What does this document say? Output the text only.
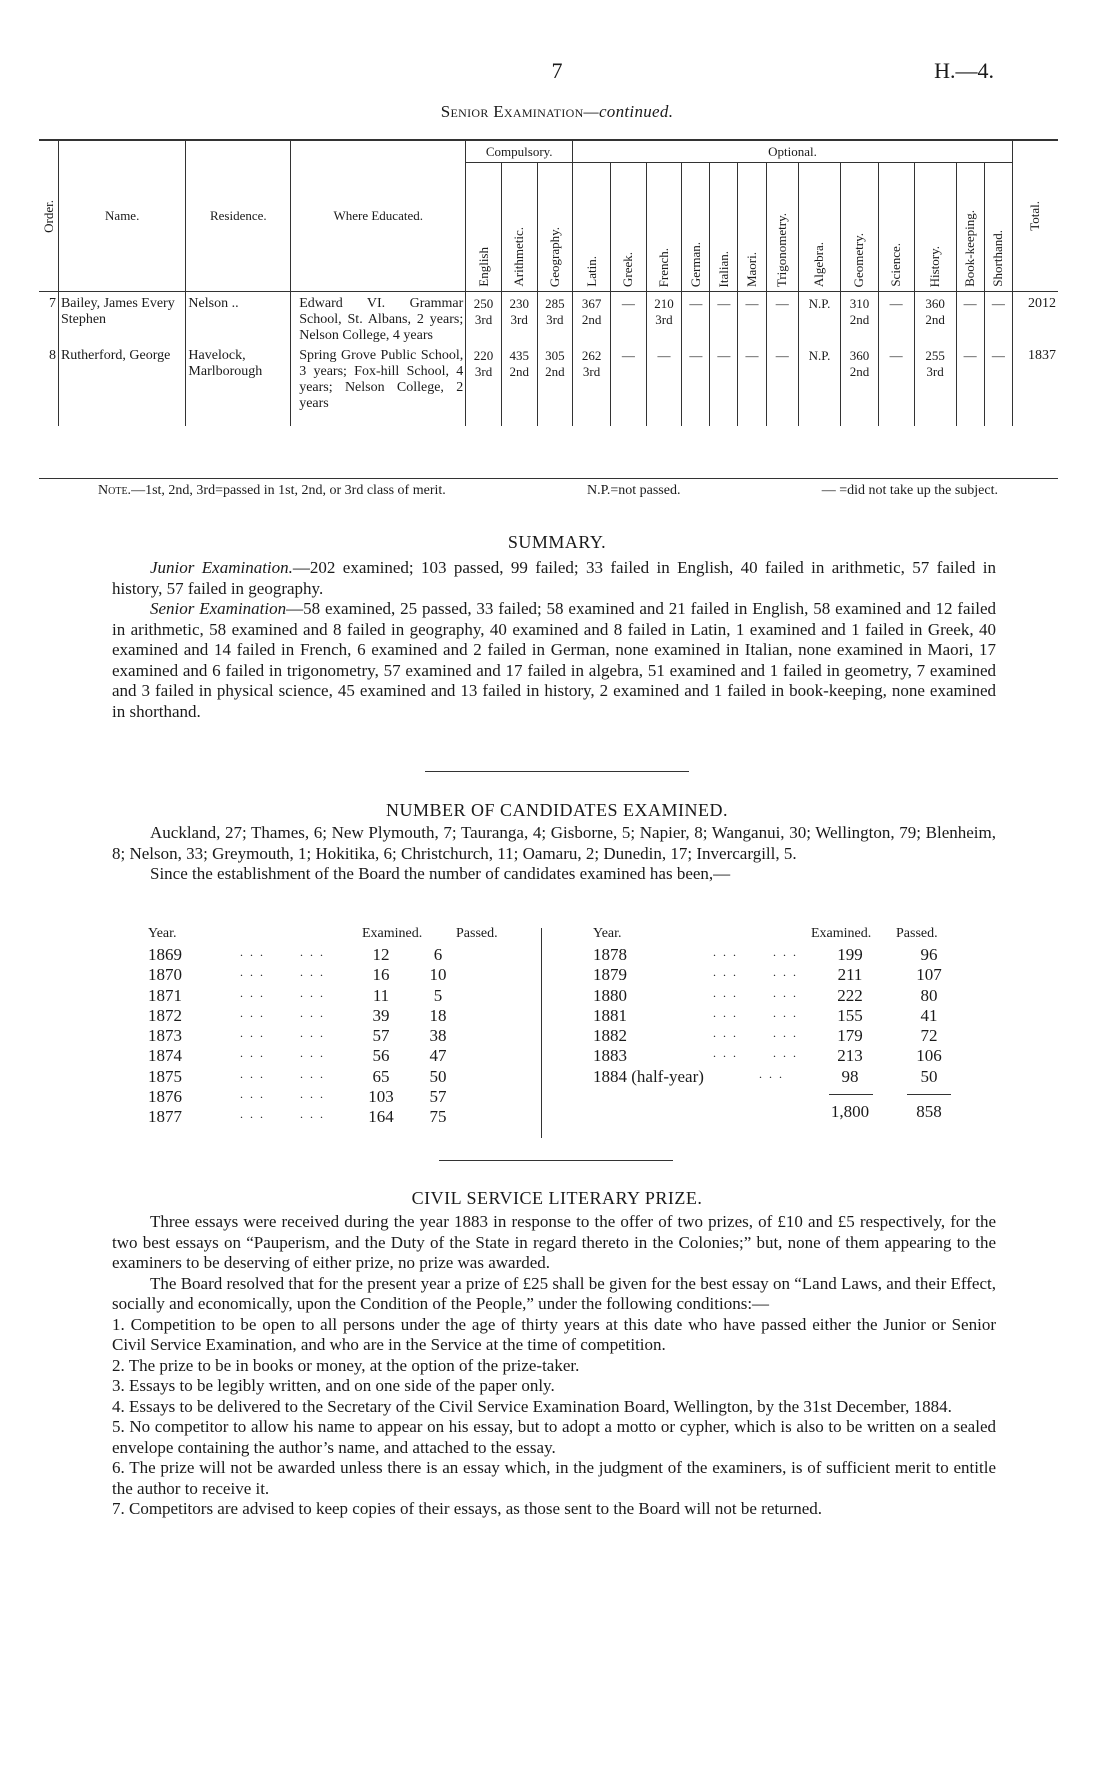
7	H.—4.
Senior Examination—continued.
Order.	Name.	Residence.	Where Educated.	Compulsory.			Optional.													Total.
				English	Arithmetic.	Geography.	Latin.	Greek.	French.	German.	Italian.	Maori.	Trigonometry.	Algebra.	Geometry.	Science.	History.	Book-keeping.	Shorthand.	
7	Bailey, James Every Stephen	Nelson ..	Edward VI. Grammar School, St. Albans, 2 years; Nelson College, 4 years	250 3rd	230 3rd	285 3rd	367 2nd	—	210 3rd	—	—	—	—	N.P.	310 2nd	—	360 2nd	—	—	2012
8	Rutherford, George	Havelock, Marlborough	Spring Grove Public School, 3 years; Fox-hill School, 4 years; Nelson College, 2 years	220 3rd	435 2nd	305 2nd	262 3rd	—	—	—	—	—	—	N.P.	360 2nd	—	255 3rd	—	—	1837
Note.—1st, 2nd, 3rd=passed in 1st, 2nd, or 3rd class of merit.	N.P.=not passed.	— =did not take up the subject.
SUMMARY.

Junior Examination.—202 examined; 103 passed, 99 failed; 33 failed in English, 40 failed in arithmetic, 57 failed in history, 57 failed in geography.

Senior Examination—58 examined, 25 passed, 33 failed; 58 examined and 21 failed in English, 58 examined and 12 failed in arithmetic, 58 examined and 8 failed in geography, 40 examined and 8 failed in Latin, 1 examined and 1 failed in Greek, 40 examined and 14 failed in French, 6 examined and 2 failed in German, none examined in Italian, none examined in Maori, 17 examined and 6 failed in trigonometry, 57 examined and 17 failed in algebra, 51 examined and 1 failed in geometry, 7 examined and 3 failed in physical science, 45 examined and 13 failed in history, 2 examined and 1 failed in book-keeping, none examined in shorthand.

NUMBER OF CANDIDATES EXAMINED.

Auckland, 27; Thames, 6; New Plymouth, 7; Tauranga, 4; Gisborne, 5; Napier, 8; Wanganui, 30; Wellington, 79; Blenheim, 8; Nelson, 33; Greymouth, 1; Hokitika, 6; Christchurch, 11; Oamaru, 2; Dunedin, 17; Invercargill, 5.

Since the establishment of the Board the number of candidates examined has been,—

Year.	Examined. Passed.
1869	. . .       . . .	12	6
1870	. . .       . . .	16	10
1871	. . .       . . .	11	5
1872	. . .       . . .	39	18
1873	. . .       . . .	57	38
1874	. . .       . . .	56	47
1875	. . .       . . .	65	50
1876	. . .       . . .	103	57
1877	. . .       . . .	164	75
Year.	Examined. Passed.
1878	. . .       . . .	199	96
1879	. . .       . . .	211	107
1880	. . .       . . .	222	80
1881	. . .       . . .	155	41
1882	. . .       . . .	179	72
1883	. . .       . . .	213	106
1884 (half-year)	. . .	98	50
1,800	858
CIVIL SERVICE LITERARY PRIZE.

Three essays were received during the year 1883 in response to the offer of two prizes, of £10 and £5 respectively, for the two best essays on “Pauperism, and the Duty of the State in regard thereto in the Colonies;” but, none of them appearing to the examiners to be deserving of either prize, no prize was awarded.

The Board resolved that for the present year a prize of £25 shall be given for the best essay on “Land Laws, and their Effect, socially and economically, upon the Condition of the People,” under the following conditions:—

1. Competition to be open to all persons under the age of thirty years at this date who have passed either the Junior or Senior Civil Service Examination, and who are in the Service at the time of competition.

2. The prize to be in books or money, at the option of the prize-taker.

3. Essays to be legibly written, and on one side of the paper only.

4. Essays to be delivered to the Secretary of the Civil Service Examination Board, Wellington, by the 31st December, 1884.

5. No competitor to allow his name to appear on his essay, but to adopt a motto or cypher, which is also to be written on a sealed envelope containing the author’s name, and attached to the essay.

6. The prize will not be awarded unless there is an essay which, in the judgment of the examiners, is of sufficient merit to entitle the author to receive it.

7. Competitors are advised to keep copies of their essays, as those sent to the Board will not be returned.
